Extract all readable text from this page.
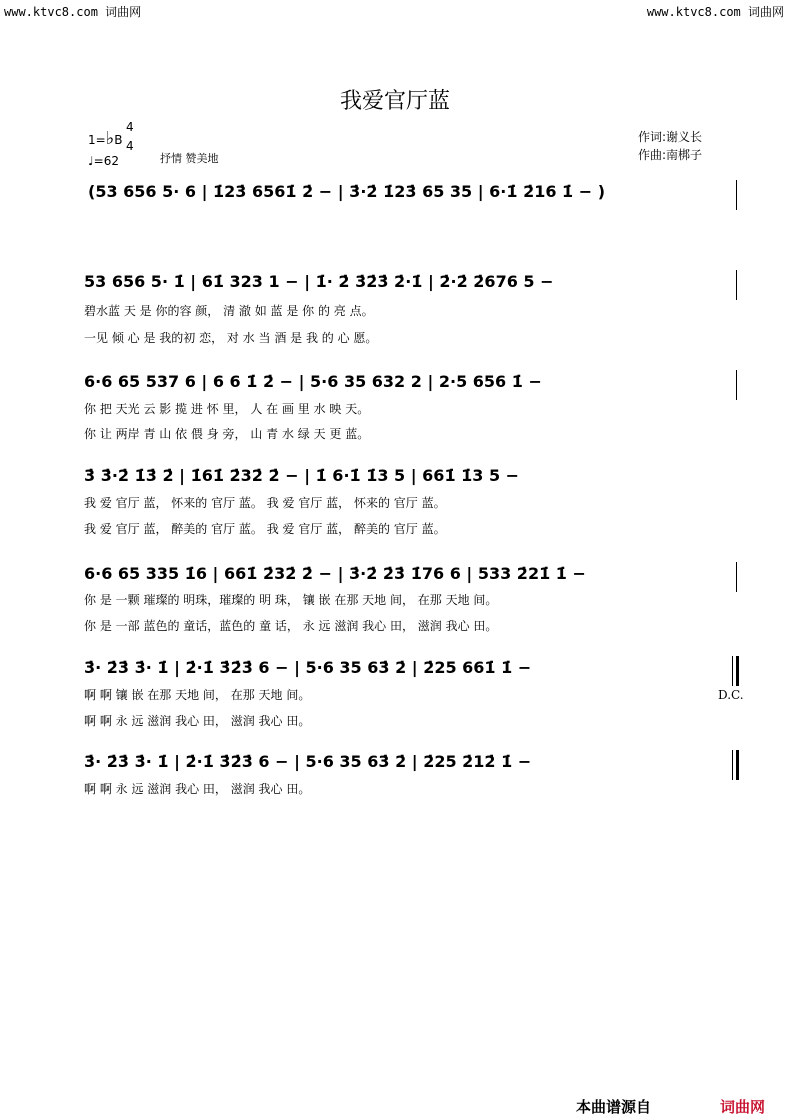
www.ktvc8.com 词曲网	www.ktvc8.com 词曲网
我爱官厅蓝
1=♭B
4
4
♩=62	抒情 赞美地
作词:谢义长
作曲:南梆子
(53 656 5· 6 | 1̇23̇ 6561̇ 2̇ − | 3̇·2̇ 1̇23̇ 65 35 | 6·1̇ 2̇16 1̇ − )
53 656 5· 1̇ | 61̇ 323 1 − | 1̇· 2̇ 3̇2̇3̇ 2̇·1̇ | 2̇·2̇ 2̇676 5 −
碧水蓝 天 是 你的容 颜， 清 澈 如 蓝 是 你 的 亮 点。
一见 倾 心 是 我的初 恋， 对 水 当 酒 是 我 的 心 愿。
6·6 65 537 6 | 6 6 1̇ 2̇ − | 5·6 35 632 2 | 2·5 656 1̇ −
你 把 天光 云 影 揽 进 怀 里， 人 在 画 里 水 映 天。
你 让 两岸 青 山 依 偎 身 旁， 山 青 水 绿 天 更 蓝。
3̇ 3̇·2̇ 1̇3̇ 2̇ | 1̇61̇ 2̇32̇ 2̇ − | 1̇ 6·1̇ 1̇3 5 | 661̇ 1̇3 5 −
我 爱 官厅 蓝， 怀来的 官厅 蓝。 我 爱 官厅 蓝， 怀来的 官厅 蓝。
我 爱 官厅 蓝， 醉美的 官厅 蓝。 我 爱 官厅 蓝， 醉美的 官厅 蓝。
6·6 65 335 1̇6 | 661̇ 2̇32̇ 2̇ − | 3̇·2̇ 2̇3̇ 1̇76 6 | 533 2̇21̇ 1̇ −
你 是 一颗 璀璨的 明珠，璀璨的 明 珠， 镶 嵌 在那 天地 间， 在那 天地 间。
你 是 一部 蓝色的 童话，蓝色的 童 话， 永 远 滋润 我心 田， 滋润 我心 田。
3̇· 2̇3̇ 3̇· 1̇ | 2̇·1̇ 3̇2̇3̇ 6 − | 5·6 35 63̇ 2̇ | 2̇25 661̇ 1̇ −
啊 啊 镶 嵌 在那 天地 间， 在那 天地 间。
啊 啊 永 远 滋润 我心 田， 滋润 我心 田。
D.C.
3̇· 2̇3̇ 3̇· 1̇ | 2̇·1̇ 3̇2̇3̇ 6 − | 5·6 35 63̇ 2̇ | 2̇25 2̇12̇ 1̇ −
啊 啊 永 远 滋润 我心 田， 滋润 我心 田。
本曲谱源自	词曲网
